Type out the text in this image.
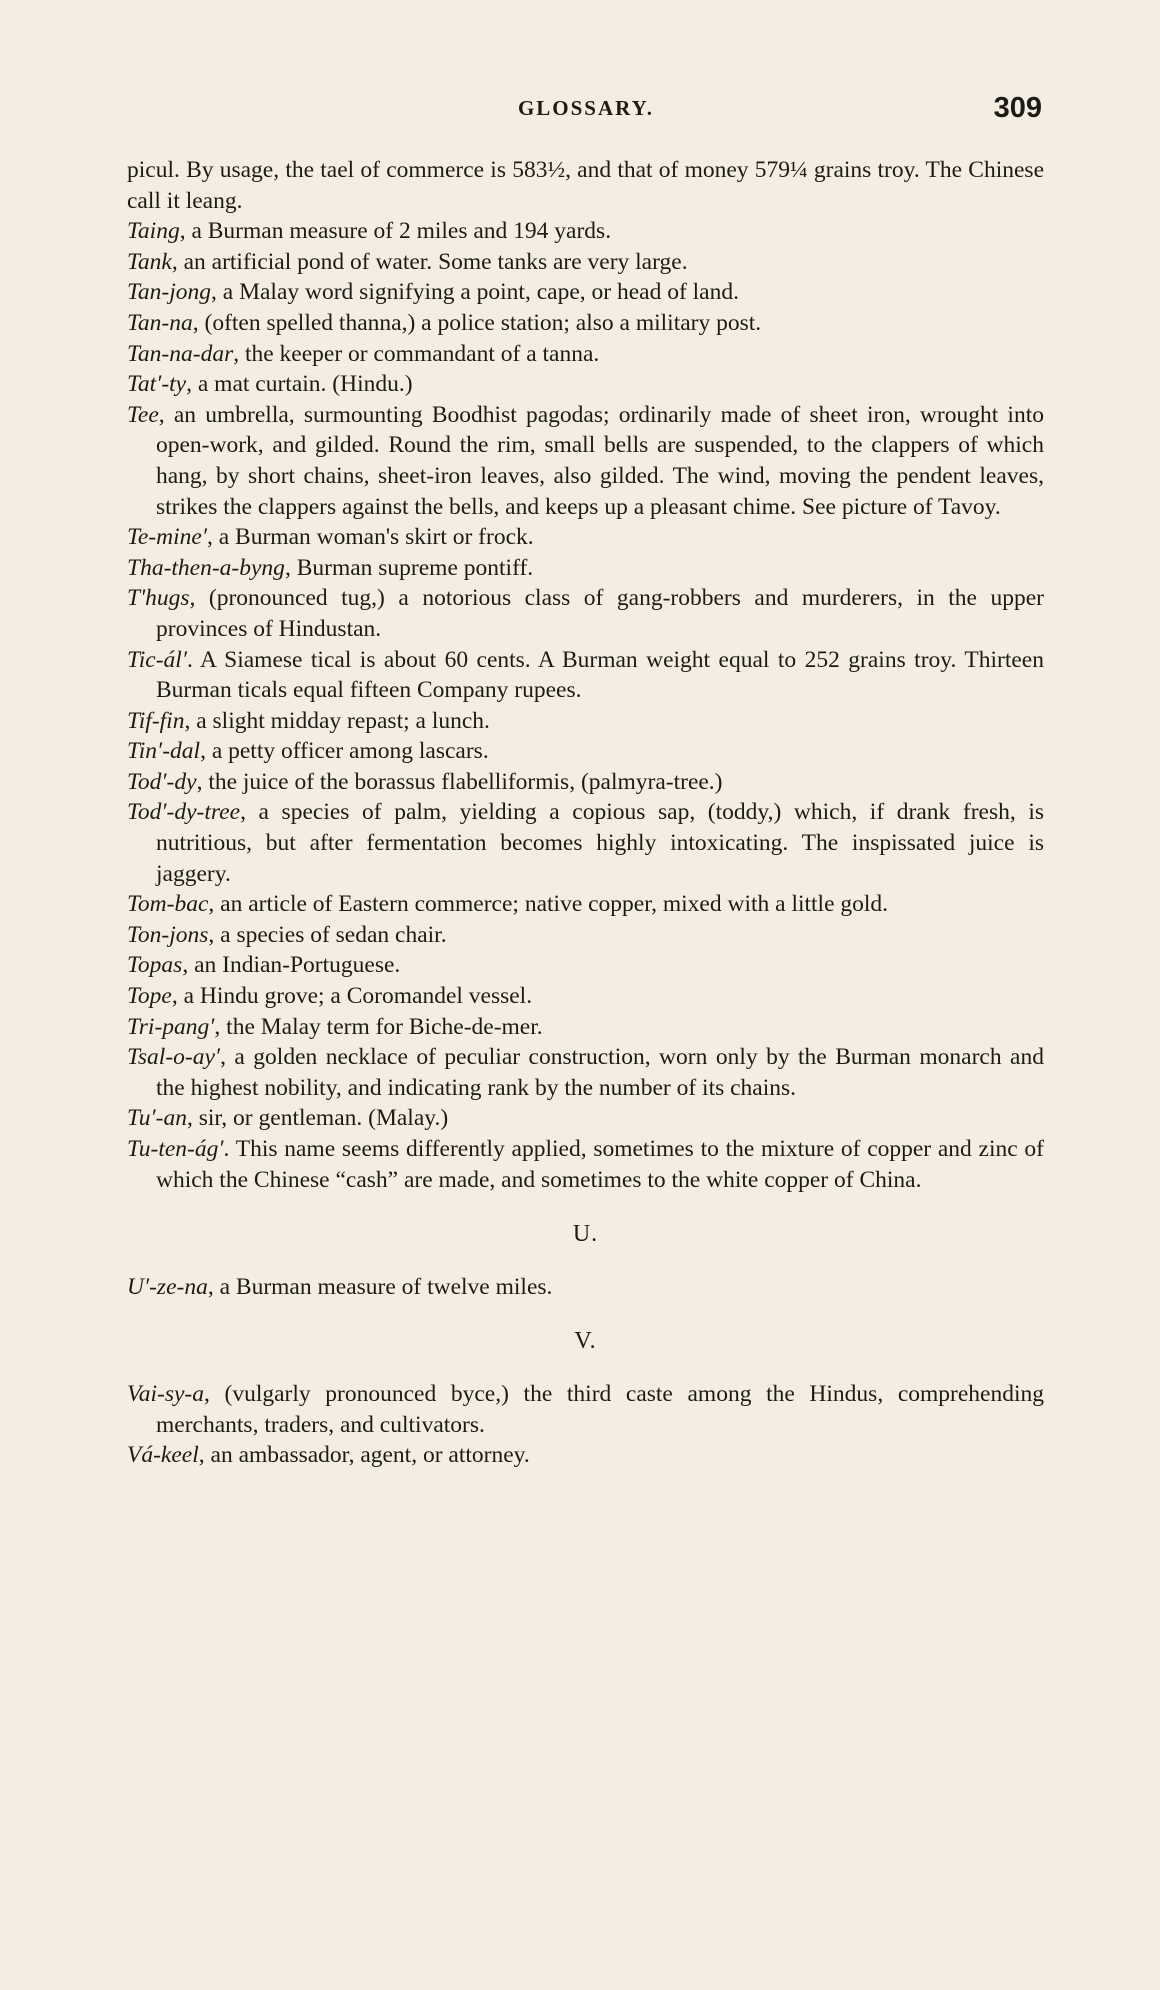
GLOSSARY.	309

picul. By usage, the tael of commerce is 583½, and that of money 579¼ grains troy. The Chinese call it leang.

Taing, a Burman measure of 2 miles and 194 yards.

Tank, an artificial pond of water. Some tanks are very large.

Tan-jong, a Malay word signifying a point, cape, or head of land.

Tan-na, (often spelled thanna,) a police station; also a military post.

Tan-na-dar, the keeper or commandant of a tanna.

Tat′-ty, a mat curtain. (Hindu.)

Tee, an umbrella, surmounting Boodhist pagodas; ordinarily made of sheet iron, wrought into open-work, and gilded. Round the rim, small bells are suspended, to the clappers of which hang, by short chains, sheet-iron leaves, also gilded. The wind, moving the pendent leaves, strikes the clappers against the bells, and keeps up a pleasant chime. See picture of Tavoy.

Te-mine′, a Burman woman's skirt or frock.

Tha-then-a-byng, Burman supreme pontiff.

T'hugs, (pronounced tug,) a notorious class of gang-robbers and murderers, in the upper provinces of Hindustan.

Tic-ál′. A Siamese tical is about 60 cents. A Burman weight equal to 252 grains troy. Thirteen Burman ticals equal fifteen Company rupees.

Tif-fin, a slight midday repast; a lunch.

Tin′-dal, a petty officer among lascars.

Tod′-dy, the juice of the borassus flabelliformis, (palmyra-tree.)

Tod′-dy-tree, a species of palm, yielding a copious sap, (toddy,) which, if drank fresh, is nutritious, but after fermentation becomes highly intoxicating. The inspissated juice is jaggery.

Tom-bac, an article of Eastern commerce; native copper, mixed with a little gold.

Ton-jons, a species of sedan chair.

Topas, an Indian-Portuguese.

Tope, a Hindu grove; a Coromandel vessel.

Tri-pang′, the Malay term for Biche-de-mer.

Tsal-o-ay′, a golden necklace of peculiar construction, worn only by the Burman monarch and the highest nobility, and indicating rank by the number of its chains.

Tu′-an, sir, or gentleman. (Malay.)

Tu-ten-ág′. This name seems differently applied, sometimes to the mixture of copper and zinc of which the Chinese “cash” are made, and sometimes to the white copper of China.

U.

U′-ze-na, a Burman measure of twelve miles.

V.

Vai-sy-a, (vulgarly pronounced byce,) the third caste among the Hindus, comprehending merchants, traders, and cultivators.

Vá-keel, an ambassador, agent, or attorney.
